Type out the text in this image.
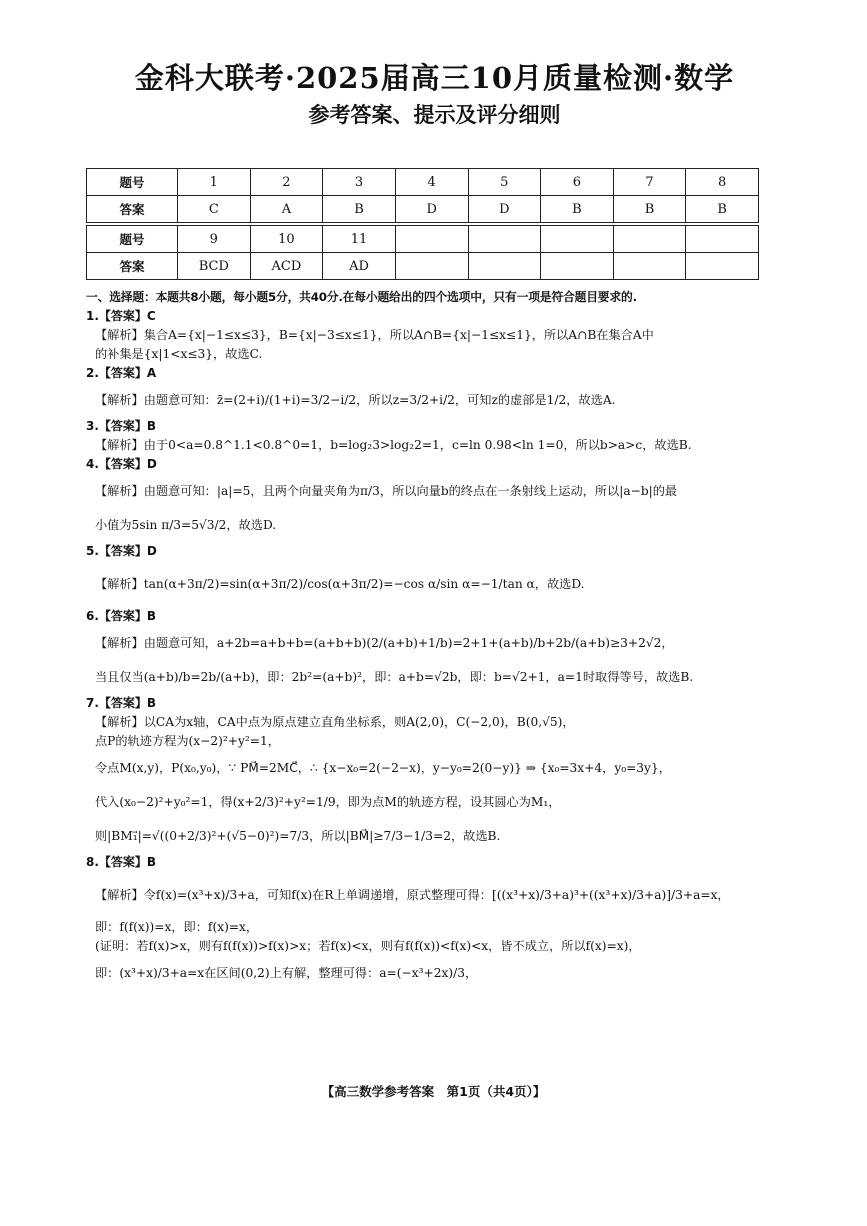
金科大联考·2025届高三10月质量检测·数学
参考答案、提示及评分细则
题号	1	2	3	4	5	6	7	8
答案	C	A	B	D	D	B	B	B

题号	9	10	11					
答案	BCD	ACD	AD					

一、选择题：本题共8小题，每小题5分，共40分.在每小题给出的四个选项中，只有一项是符合题目要求的.

1.【答案】C

【解析】集合A={x|−1≤x≤3}，B={x|−3≤x≤1}，所以A∩B={x|−1≤x≤1}，所以A∩B在集合A中

的补集是{x|1<x≤3}，故选C.

2.【答案】A

【解析】由题意可知：z̄=(2+i)/(1+i)=3/2−i/2，所以z=3/2+i/2，可知z的虚部是1/2，故选A.

3.【答案】B

【解析】由于0<a=0.8^1.1<0.8^0=1，b=log₂3>log₂2=1，c=ln 0.98<ln 1=0，所以b>a>c，故选B.

4.【答案】D

【解析】由题意可知：|a|=5，且两个向量夹角为π/3，所以向量b的终点在一条射线上运动，所以|a−b|的最

小值为5sin π/3=5√3/2，故选D.

5.【答案】D

【解析】tan(α+3π/2)=sin(α+3π/2)/cos(α+3π/2)=−cos α/sin α=−1/tan α，故选D.

6.【答案】B

【解析】由题意可知，a+2b=a+b+b=(a+b+b)(2/(a+b)+1/b)=2+1+(a+b)/b+2b/(a+b)≥3+2√2，

当且仅当(a+b)/b=2b/(a+b)，即：2b²=(a+b)²，即：a+b=√2b，即：b=√2+1，a=1时取得等号，故选B.

7.【答案】B

【解析】以CA为x轴，CA中点为原点建立直角坐标系，则A(2,0)，C(−2,0)，B(0,√5)，

点P的轨迹方程为(x−2)²+y²=1，

令点M(x,y)，P(x₀,y₀)，∵ PM⃗=2MC⃗，∴ {x−x₀=2(−2−x)，y−y₀=2(0−y)} ⇒ {x₀=3x+4，y₀=3y}，

代入(x₀−2)²+y₀²=1，得(x+2/3)²+y²=1/9，即为点M的轨迹方程，设其圆心为M₁，

则|BM₁⃗|=√((0+2/3)²+(√5−0)²)=7/3，所以|BM⃗|≥7/3−1/3=2，故选B.

8.【答案】B

【解析】令f(x)=(x³+x)/3+a，可知f(x)在R上单调递增，原式整理可得：[((x³+x)/3+a)³+((x³+x)/3+a)]/3+a=x，

即：f(f(x))=x，即：f(x)=x，

(证明：若f(x)>x，则有f(f(x))>f(x)>x；若f(x)<x，则有f(f(x))<f(x)<x，皆不成立，所以f(x)=x)，

即：(x³+x)/3+a=x在区间(0,2)上有解，整理可得：a=(−x³+2x)/3，

【高三数学参考答案　第1页（共4页）】
